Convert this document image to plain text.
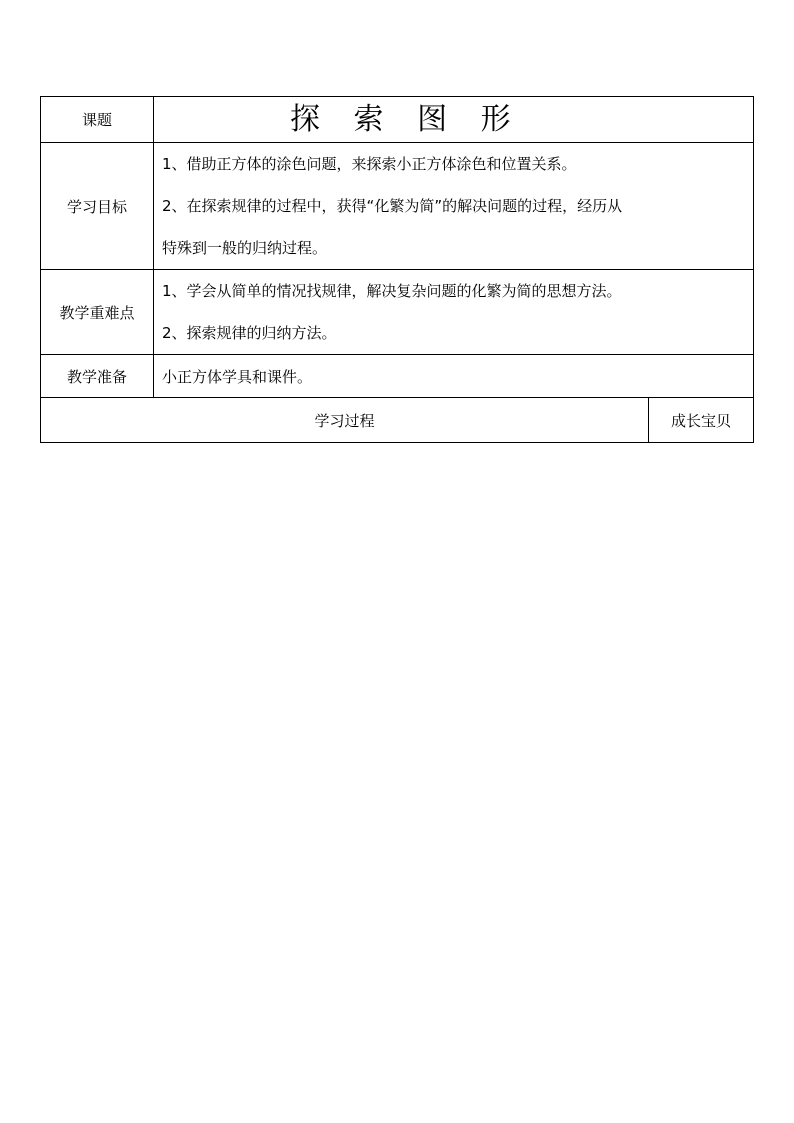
课题	探 索 图 形	
学习目标	1、借助正方体的涂色问题，来探索小正方体涂色和位置关系。
2、在探索规律的过程中，获得“化繁为简”的解决问题的过程，经历从
特殊到一般的归纳过程。	

教学重难点	1、学会从简单的情况找规律，解决复杂问题的化繁为简的思想方法。
2、探索规律的归纳方法。	

教学准备	小正方体学具和课件。	
学习过程		成长宝贝
